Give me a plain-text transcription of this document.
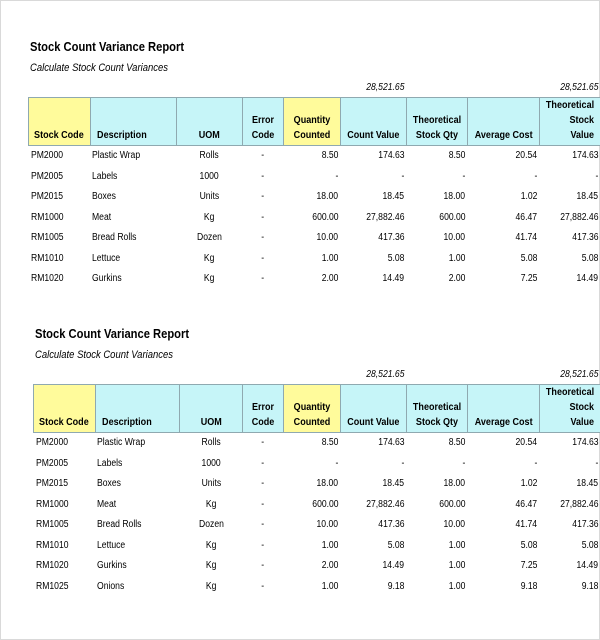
Stock Count Variance Report
Calculate Stock Count Variances
					28,521.65			28,521.65
Stock Code	Description	UOM	Error Code	Quantity Counted	Count Value	Theoretical Stock Qty	Average Cost	Theoretical Stock Value
PM2000	Plastic Wrap	Rolls	-	8.50	174.63	8.50	20.54	174.63
PM2005	Labels	1000	-	-	-	-	-	-
PM2015	Boxes	Units	-	18.00	18.45	18.00	1.02	18.45
RM1000	Meat	Kg	-	600.00	27,882.46	600.00	46.47	27,882.46
RM1005	Bread Rolls	Dozen	-	10.00	417.36	10.00	41.74	417.36
RM1010	Lettuce	Kg	-	1.00	5.08	1.00	5.08	5.08
RM1020	Gurkins	Kg	-	2.00	14.49	2.00	7.25	14.49
Stock Count Variance Report
Calculate Stock Count Variances
					28,521.65			28,521.65
Stock Code	Description	UOM	Error Code	Quantity Counted	Count Value	Theoretical Stock Qty	Average Cost	Theoretical Stock Value
PM2000	Plastic Wrap	Rolls	-	8.50	174.63	8.50	20.54	174.63
PM2005	Labels	1000	-	-	-	-	-	-
PM2015	Boxes	Units	-	18.00	18.45	18.00	1.02	18.45
RM1000	Meat	Kg	-	600.00	27,882.46	600.00	46.47	27,882.46
RM1005	Bread Rolls	Dozen	-	10.00	417.36	10.00	41.74	417.36
RM1010	Lettuce	Kg	-	1.00	5.08	1.00	5.08	5.08
RM1020	Gurkins	Kg	-	2.00	14.49	1.00	7.25	14.49
RM1025	Onions	Kg	-	1.00	9.18	1.00	9.18	9.18
